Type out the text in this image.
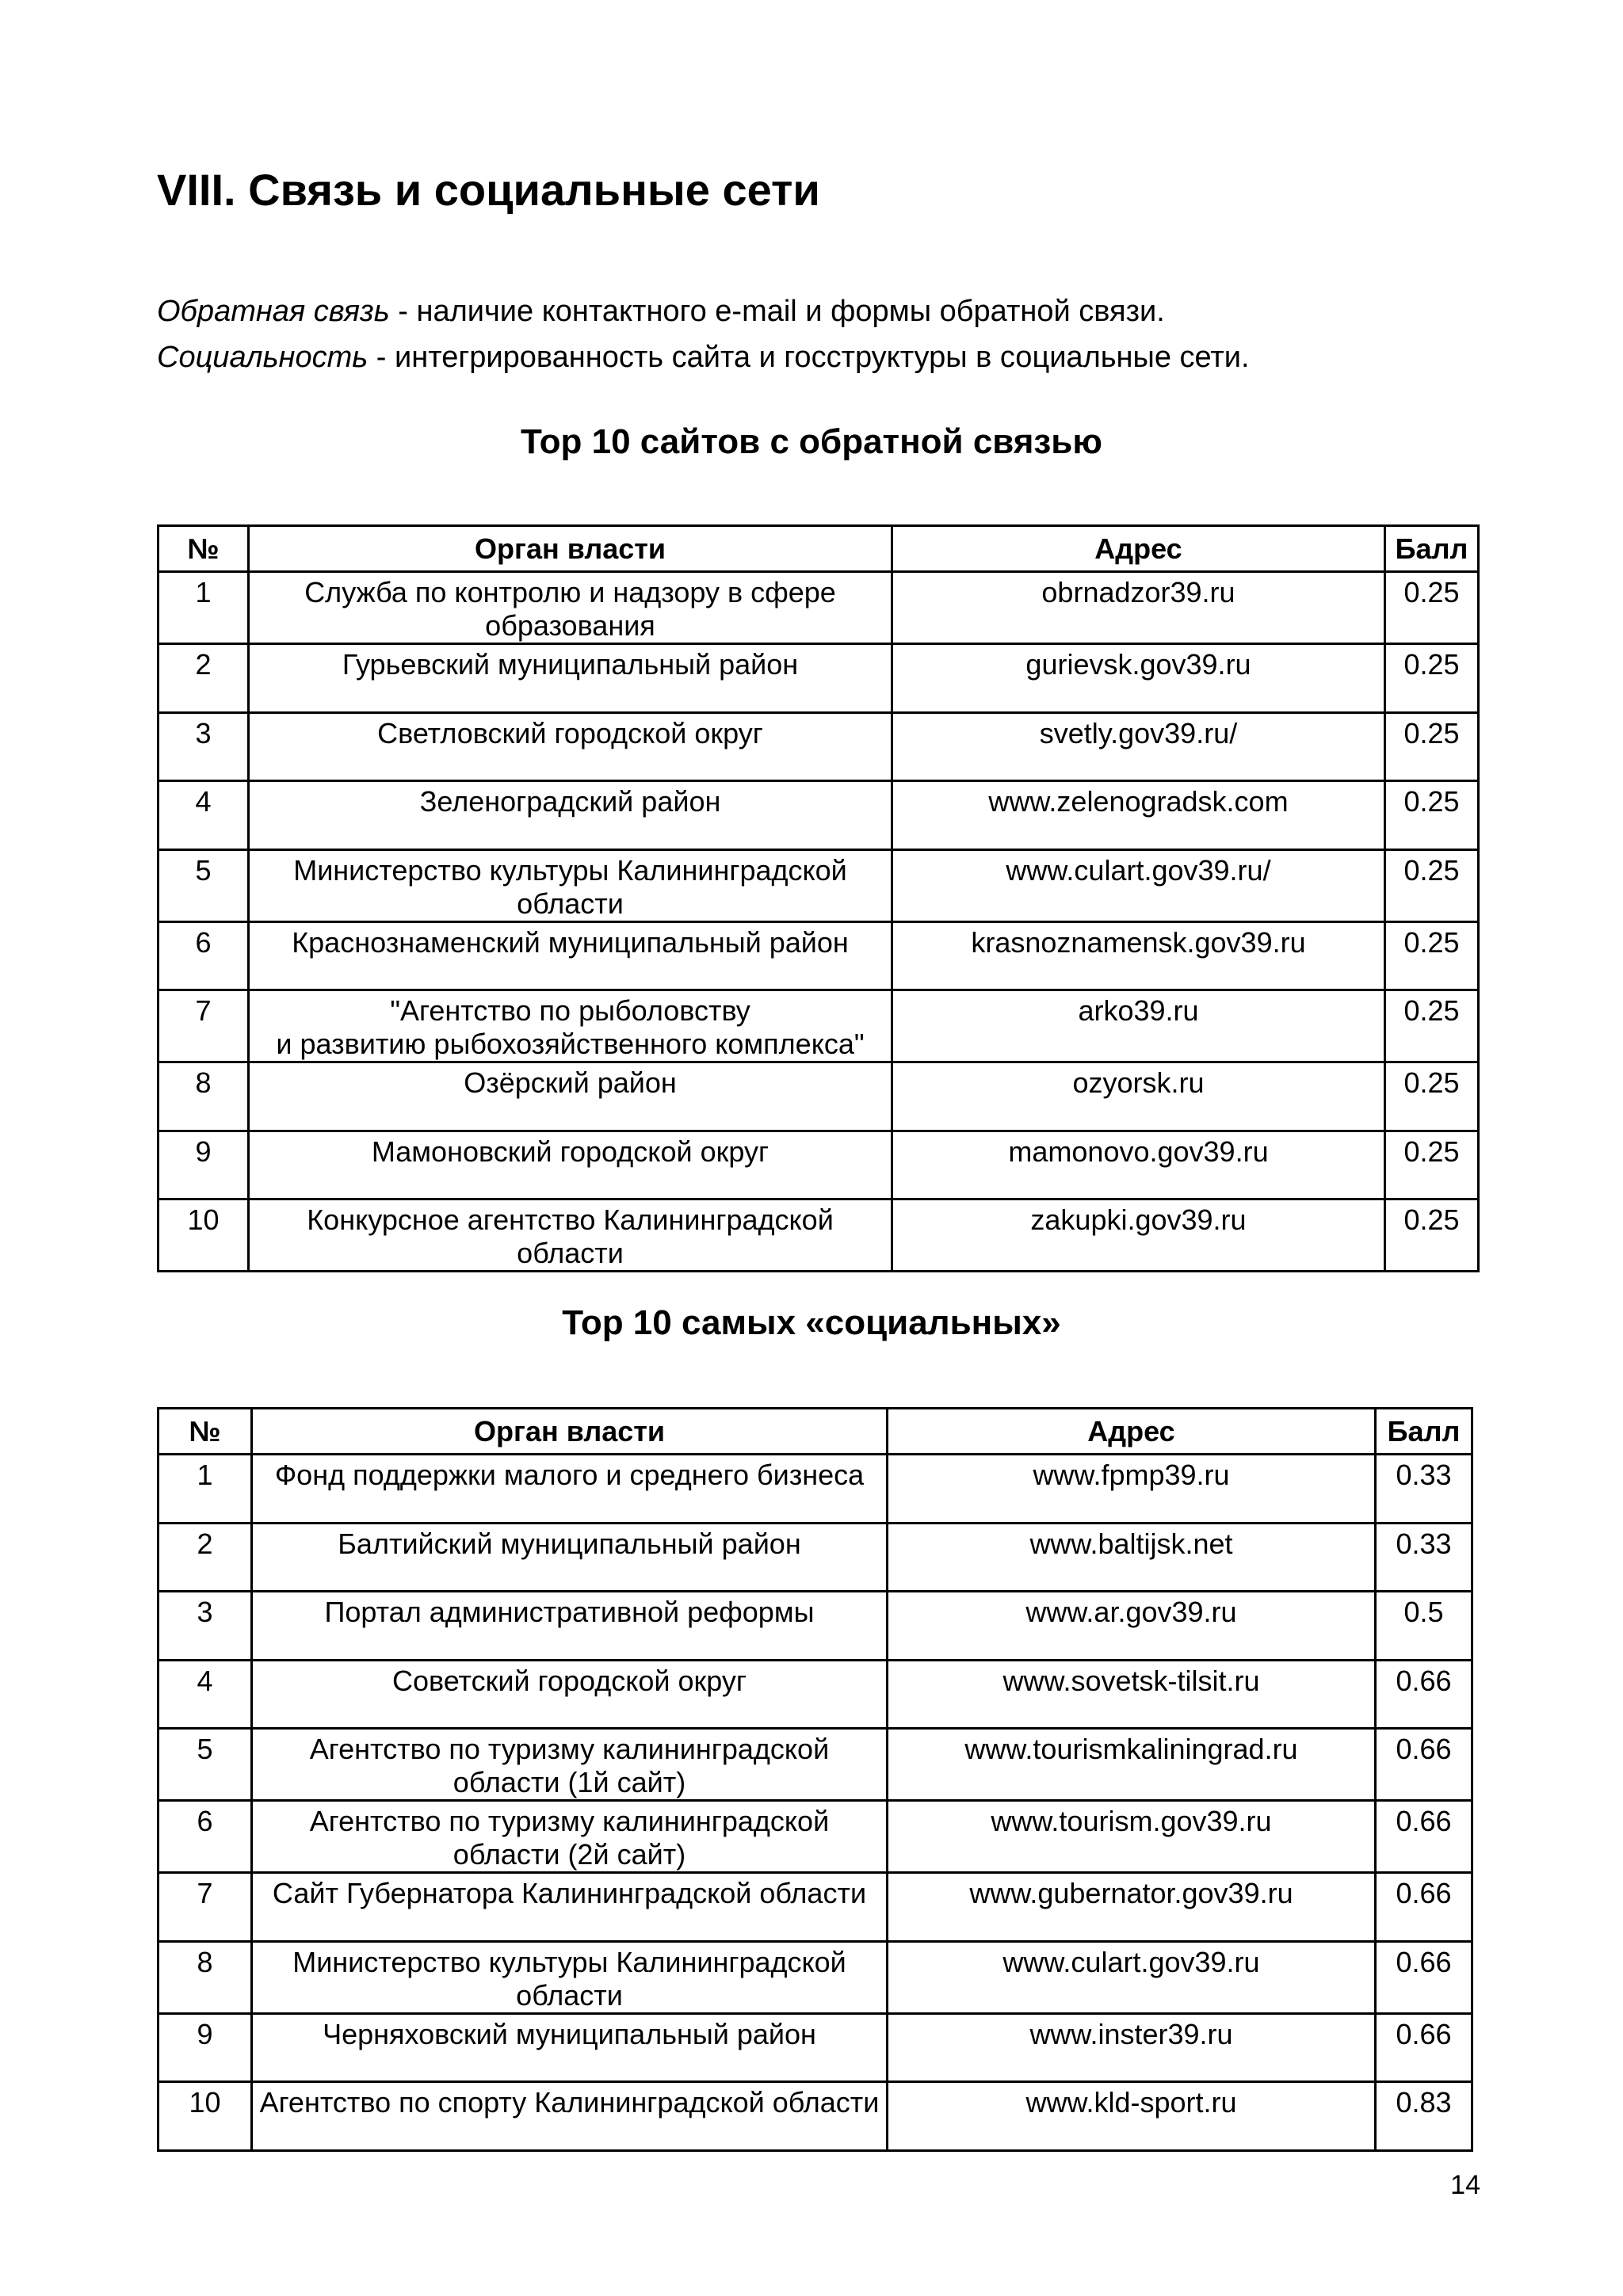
VIII. Связь и социальные сети

Обратная связь - наличие контактного e-mail и формы обратной связи.

Социальность - интегрированность сайта и госструктуры в социальные сети.

Top 10 сайтов с обратной связью
№	Орган власти	Адрес	Балл
1	Служба по контролю и надзору в сфере образования	obrnadzor39.ru	0.25
2	Гурьевский муниципальный район	gurievsk.gov39.ru	0.25
3	Светловский городской округ	svetly.gov39.ru/	0.25
4	Зеленоградский район	www.zelenogradsk.com	0.25
5	Министерство культуры Калининградской области	www.culart.gov39.ru/	0.25
6	Краснознаменский муниципальный район	krasnoznamensk.gov39.ru	0.25
7	"Агентство по рыболовству
и развитию рыбохозяйственного комплекса"	arko39.ru	0.25
8	Озёрский район	ozyorsk.ru	0.25
9	Мамоновский городской округ	mamonovo.gov39.ru	0.25
10	Конкурсное агентство Калининградской области	zakupki.gov39.ru	0.25
Top 10 самых «социальных»
№	Орган власти	Адрес	Балл
1	Фонд поддержки малого и среднего бизнеса	www.fpmp39.ru	0.33
2	Балтийский муниципальный район	www.baltijsk.net	0.33
3	Портал административной реформы	www.ar.gov39.ru	0.5
4	Советский городской округ	www.sovetsk-tilsit.ru	0.66
5	Агентство по туризму калининградской области (1й сайт)	www.tourismkaliningrad.ru	0.66
6	Агентство по туризму калининградской области (2й сайт)	www.tourism.gov39.ru	0.66
7	Сайт Губернатора Калининградской области	www.gubernator.gov39.ru	0.66
8	Министерство культуры Калининградской области	www.culart.gov39.ru	0.66
9	Черняховский муниципальный район	www.inster39.ru	0.66
10	Агентство по спорту Калининградской области	www.kld-sport.ru	0.83
14
